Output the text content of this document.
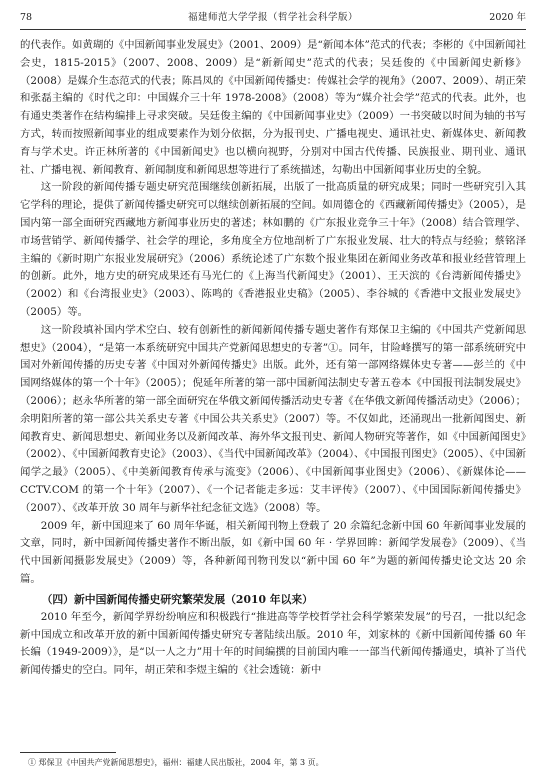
78	福建师范大学学报（哲学社会科学版）	2020 年

的代表作。如黄瑚的《中国新闻事业发展史》（2001、2009）是“新闻本体”范式的代表；李彬的《中国新闻社会史，1815-2015》（2007、2008、2009）是“新新闻史”范式的代表；吴廷俊的《中国新闻史新修》（2008）是媒介生态范式的代表；陈昌凤的《中国新闻传播史：传媒社会学的视角》（2007、2009）、胡正荣和张磊主编的《时代之印：中国媒介三十年 1978-2008》（2008）等为“媒介社会学”范式的代表。此外，也有通史类著作在结构编排上寻求突破。吴廷俊主编的《中国新闻事业史》（2009）一书突破以时间为轴的书写方式，转而按照新闻事业的组成要素作为划分依据，分为报刊史、广播电视史、通讯社史、新媒体史、新闻教育与学术史。许正林所著的《中国新闻史》也以横向视野，分别对中国古代传播、民族报业、期刊业、通讯社、广播电视、新闻教育、新闻制度和新闻思想等进行了系统描述，勾勒出中国新闻事业历史的全貌。

这一阶段的新闻传播专题史研究范围继续创新拓展，出版了一批高质量的研究成果；同时一些研究引入其它学科的理论，提供了新闻传播史研究可以继续创新拓展的空间。如周德仓的《西藏新闻传播史》（2005），是国内第一部全面研究西藏地方新闻事业历史的著述；林如鹏的《广东报业竞争三十年》（2008）结合管理学、市场营销学、新闻传播学、社会学的理论，多角度全方位地剖析了广东报业发展、壮大的特点与经验；蔡铭泽主编的《新时期广东报业发展研究》（2006）系统论述了广东数个报业集团在新闻业务改革和报业经营管理上的创新。此外，地方史的研究成果还有马光仁的《上海当代新闻史》（2001）、王天滨的《台湾新闻传播史》（2002）和《台湾报业史》（2003）、陈鸣的《香港报业史稿》（2005）、李谷城的《香港中文报业发展史》（2005）等。

这一阶段填补国内学术空白、较有创新性的新闻新闻传播专题史著作有郑保卫主编的《中国共产党新闻思想史》（2004），“是第一本系统研究中国共产党新闻思想史的专著”①。同年，甘险峰撰写的第一部系统研究中国对外新闻传播的历史专著《中国对外新闻传播史》出版。此外，还有第一部网络媒体史专著——彭兰的《中国网络媒体的第一个十年》（2005）；倪延年所著的第一部中国新闻法制史专著五卷本《中国报刊法制发展史》（2006）；赵永华所著的第一部全面研究在华俄文新闻传播活动史专著《在华俄文新闻传播活动史》（2006）；余明阳所著的第一部公共关系史专著《中国公共关系史》（2007）等。不仅如此，还涌现出一批新闻图史、新闻教育史、新闻思想史、新闻业务以及新闻改革、海外华文报刊史、新闻人物研究等著作，如《中国新闻图史》（2002）、《中国新闻教育史论》（2003）、《当代中国新闻改革》（2004）、《中国报刊图史》（2005）、《中国新闻学之最》（2005）、《中美新闻教育传承与流变》（2006）、《中国新闻事业图史》（2006）、《新媒体论——CCTV.COM 的第一个十年》（2007）、《一个记者能走多远：艾丰评传》（2007）、《中国国际新闻传播史》（2007）、《改革开放 30 周年与新华社纪念征文选》（2008）等。

2009 年，新中国迎来了 60 周年华诞，相关新闻刊物上登载了 20 余篇纪念新中国 60 年新闻事业发展的文章，同时，新中国新闻传播史著作不断出版，如《新中国 60 年 · 学界回眸：新闻学发展卷》（2009）、《当代中国新闻摄影发展史》（2009）等，各种新闻刊物刊发以“新中国 60 年”为题的新闻传播史论文达 20 余篇。

（四）新中国新闻传播史研究繁荣发展（2010 年以来）

2010 年至今，新闻学界纷纷响应和积极践行“推进高等学校哲学社会科学繁荣发展”的号召，一批以纪念新中国成立和改革开放的新中国新闻传播史研究专著陆续出版。2010 年，刘家林的《新中国新闻传播 60 年长编（1949-2009）》，是“以一人之力”用十年的时间编撰的目前国内唯一一部当代新闻传播通史，填补了当代新闻传播史的空白。同年，胡正荣和李煜主编的《社会透镜：新中

① 郑保卫《中国共产党新闻思想史》，福州：福建人民出版社，2004 年，第 3 页。
